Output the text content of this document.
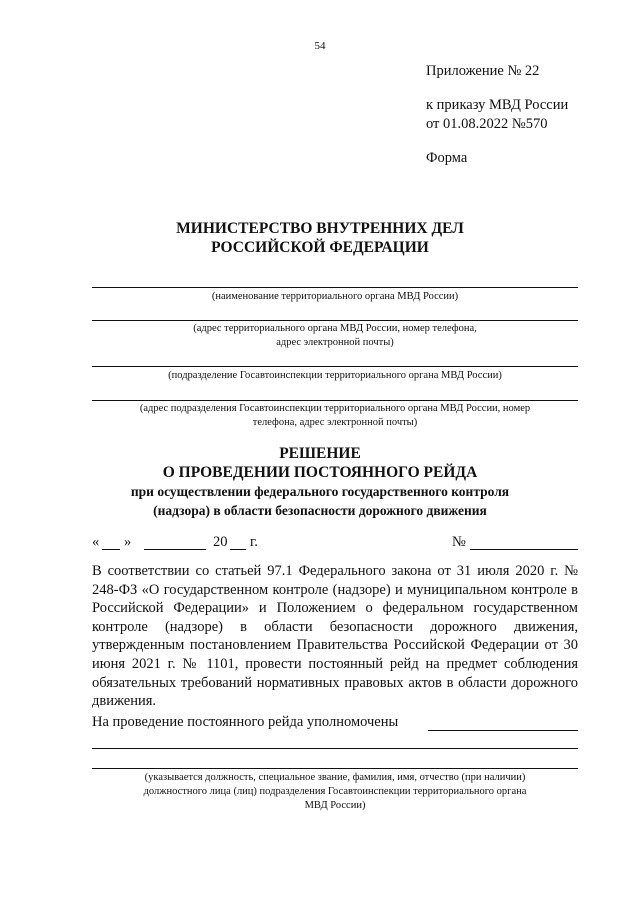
54
Приложение № 22
к приказу МВД России
от 01.08.2022 №570
Форма
МИНИСТЕРСТВО ВНУТРЕННИХ ДЕЛ
РОССИЙСКОЙ ФЕДЕРАЦИИ
(наименование территориального органа МВД России)
(адрес территориального органа МВД России, номер телефона,
адрес электронной почты)
(подразделение Госавтоинспекции территориального органа МВД России)
(адрес подразделения Госавтоинспекции территориального органа МВД России, номер
телефона, адрес электронной почты)
РЕШЕНИЕ
О ПРОВЕДЕНИИ ПОСТОЯННОГО РЕЙДА
при осуществлении федерального государственного контроля
(надзора) в области безопасности дорожного движения
« »	20 г.	№
В соответствии со статьей 97.1 Федерального закона от 31 июля 2020 г. № 248-ФЗ «О государственном контроле (надзоре) и муниципальном контроле в Российской Федерации» и Положением о федеральном государственном контроле (надзоре) в области безопасности дорожного движения, утвержденным постановлением Правительства Российской Федерации от 30 июня 2021 г. № 1101, провести постоянный рейд на предмет соблюдения обязательных требований нормативных правовых актов в области дорожного движения.
На проведение постоянного рейда уполномочены
(указывается должность, специальное звание, фамилия, имя, отчество (при наличии)
должностного лица (лиц) подразделения Госавтоинспекции территориального органа
МВД России)
